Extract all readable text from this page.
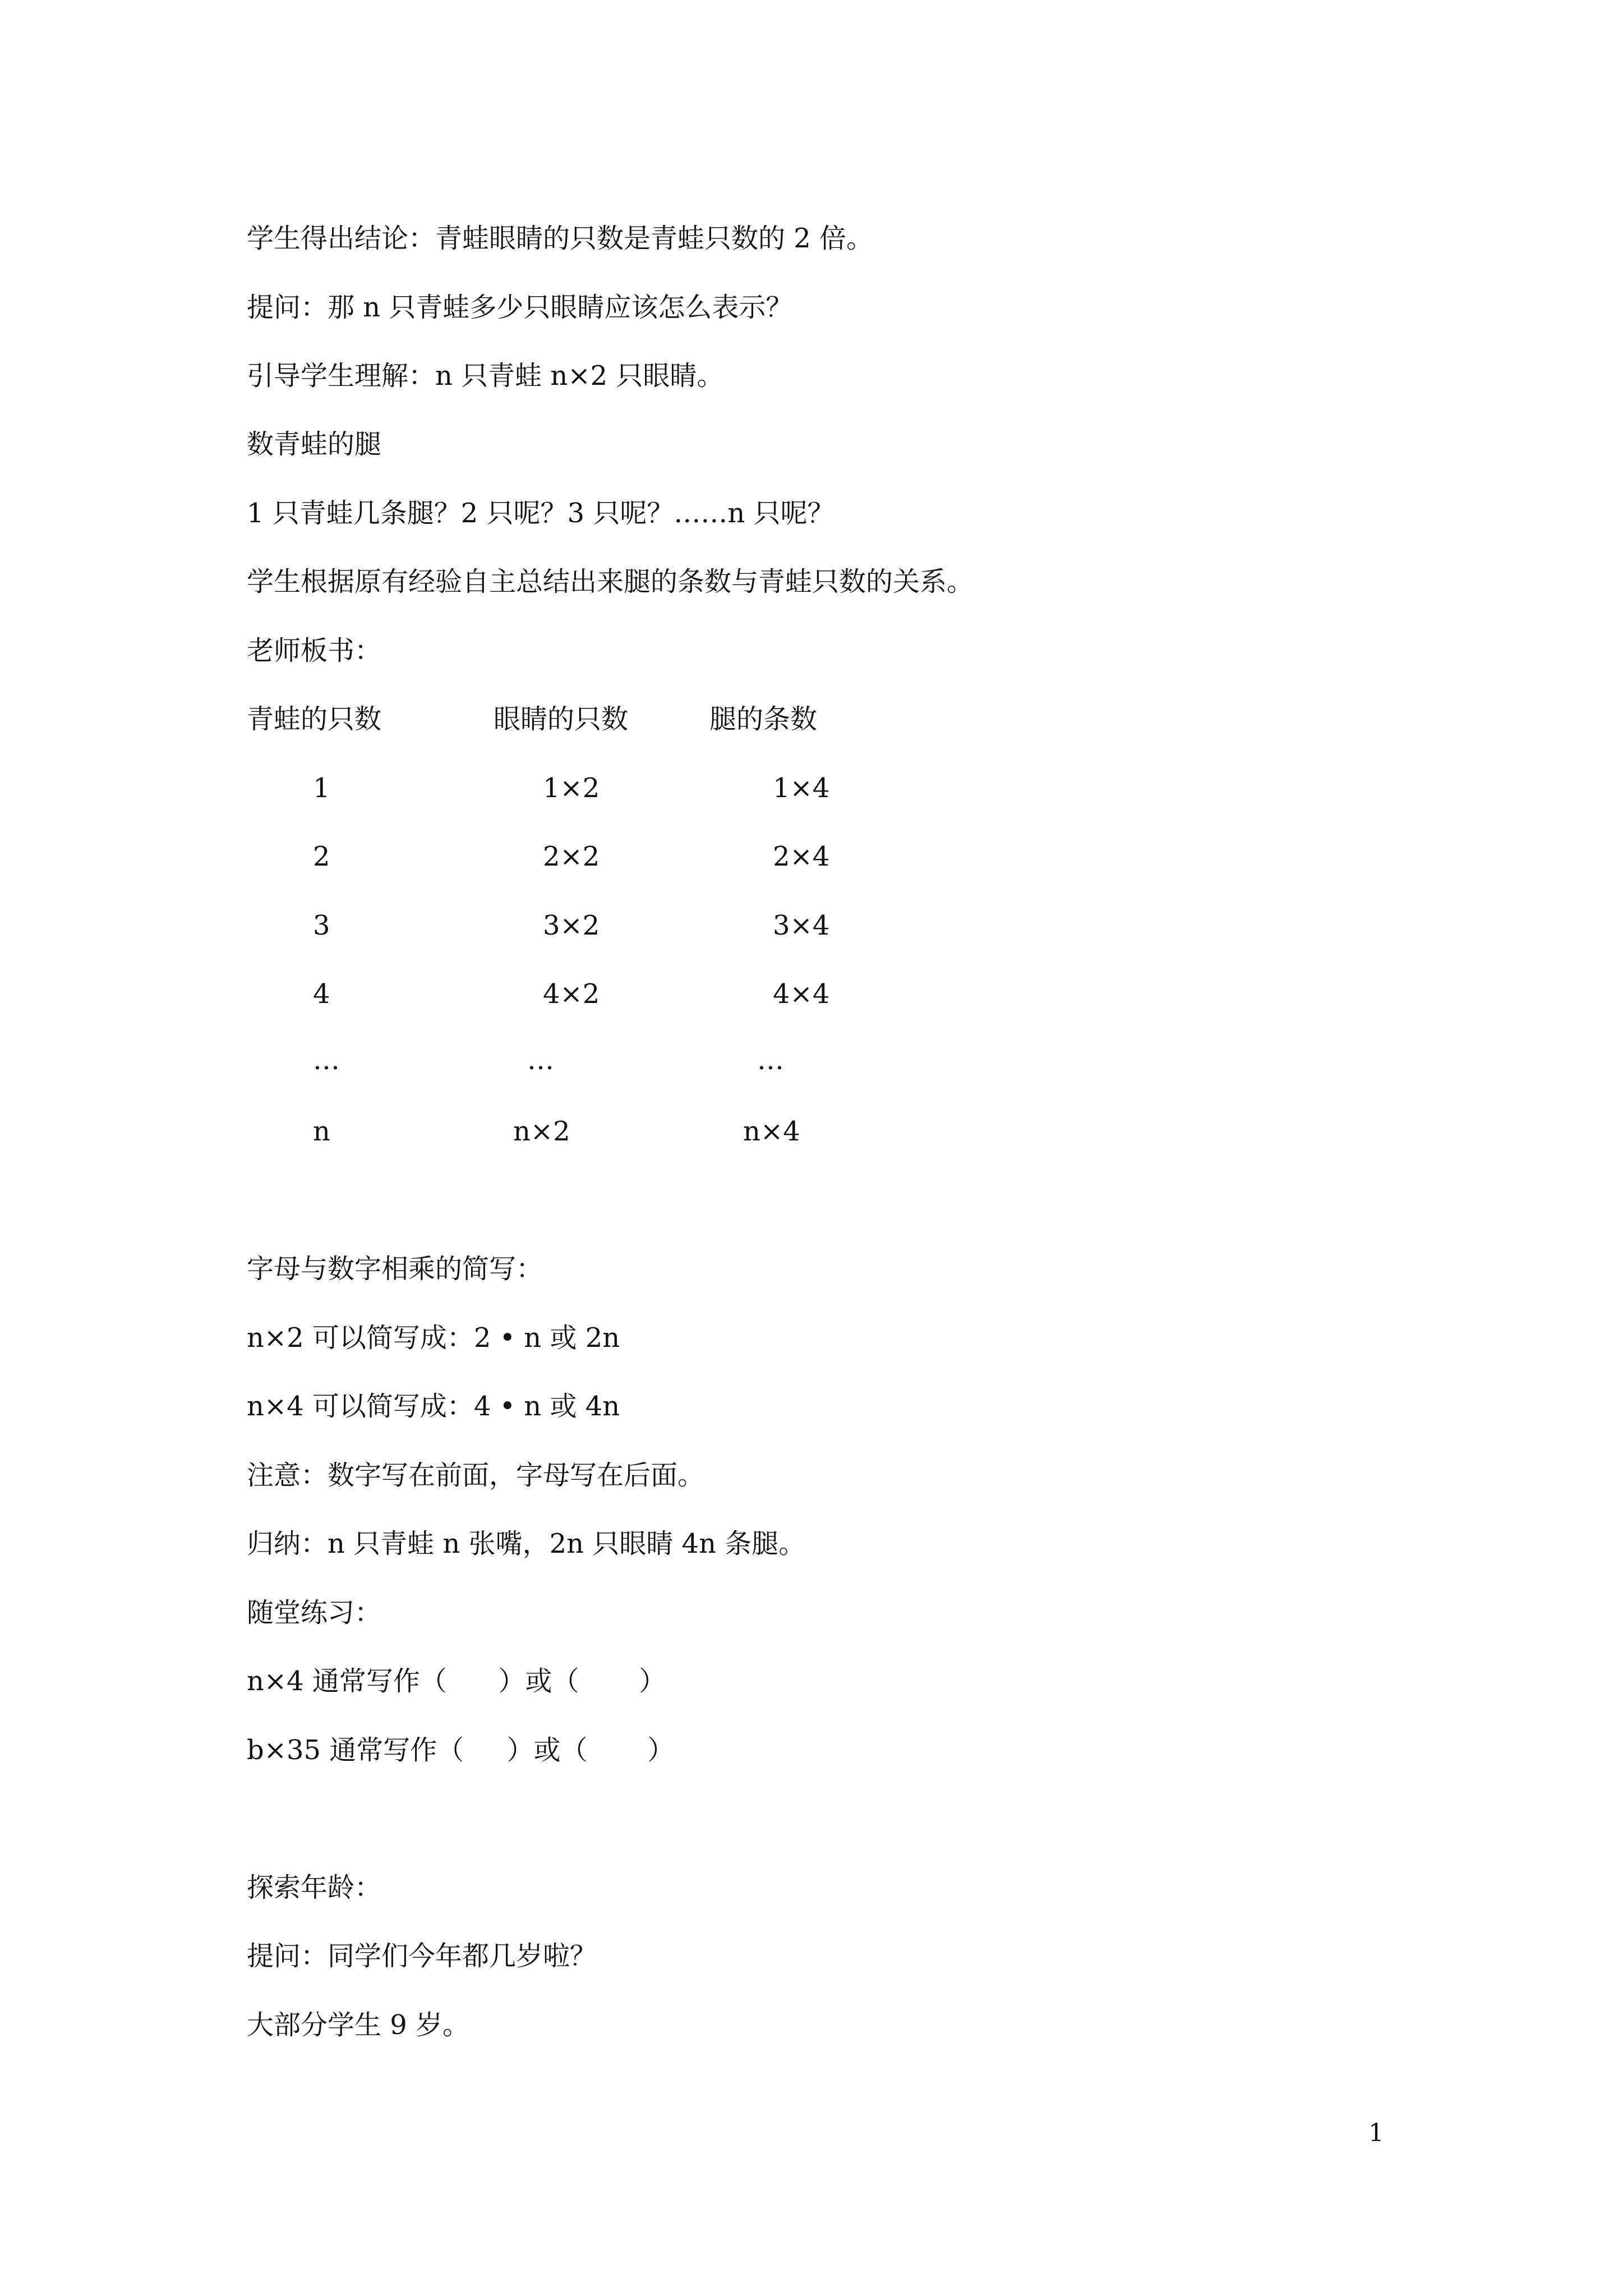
学生得出结论：青蛙眼睛的只数是青蛙只数的 2 倍。
提问：那 n 只青蛙多少只眼睛应该怎么表示？
引导学生理解：n 只青蛙 n×2 只眼睛。
数青蛙的腿
1 只青蛙几条腿？2 只呢？3 只呢？……n 只呢？
学生根据原有经验自主总结出来腿的条数与青蛙只数的关系。
老师板书：
青蛙的只数	眼睛的只数	腿的条数
1	1×2	1×4
2	2×2	2×4
3	3×2	3×4
4	4×2	4×4
…	…	…
n	n×2	n×4
字母与数字相乘的简写：
n×2 可以简写成：2 • n 或 2n
n×4 可以简写成：4 • n 或 4n
注意：数字写在前面，字母写在后面。
归纳：n 只青蛙 n 张嘴，2n 只眼睛 4n 条腿。
随堂练习：
n×4 通常写作（      ）或（       ）
b×35 通常写作（     ）或（       ）
探索年龄：
提问：同学们今年都几岁啦？
大部分学生 9 岁。
1
